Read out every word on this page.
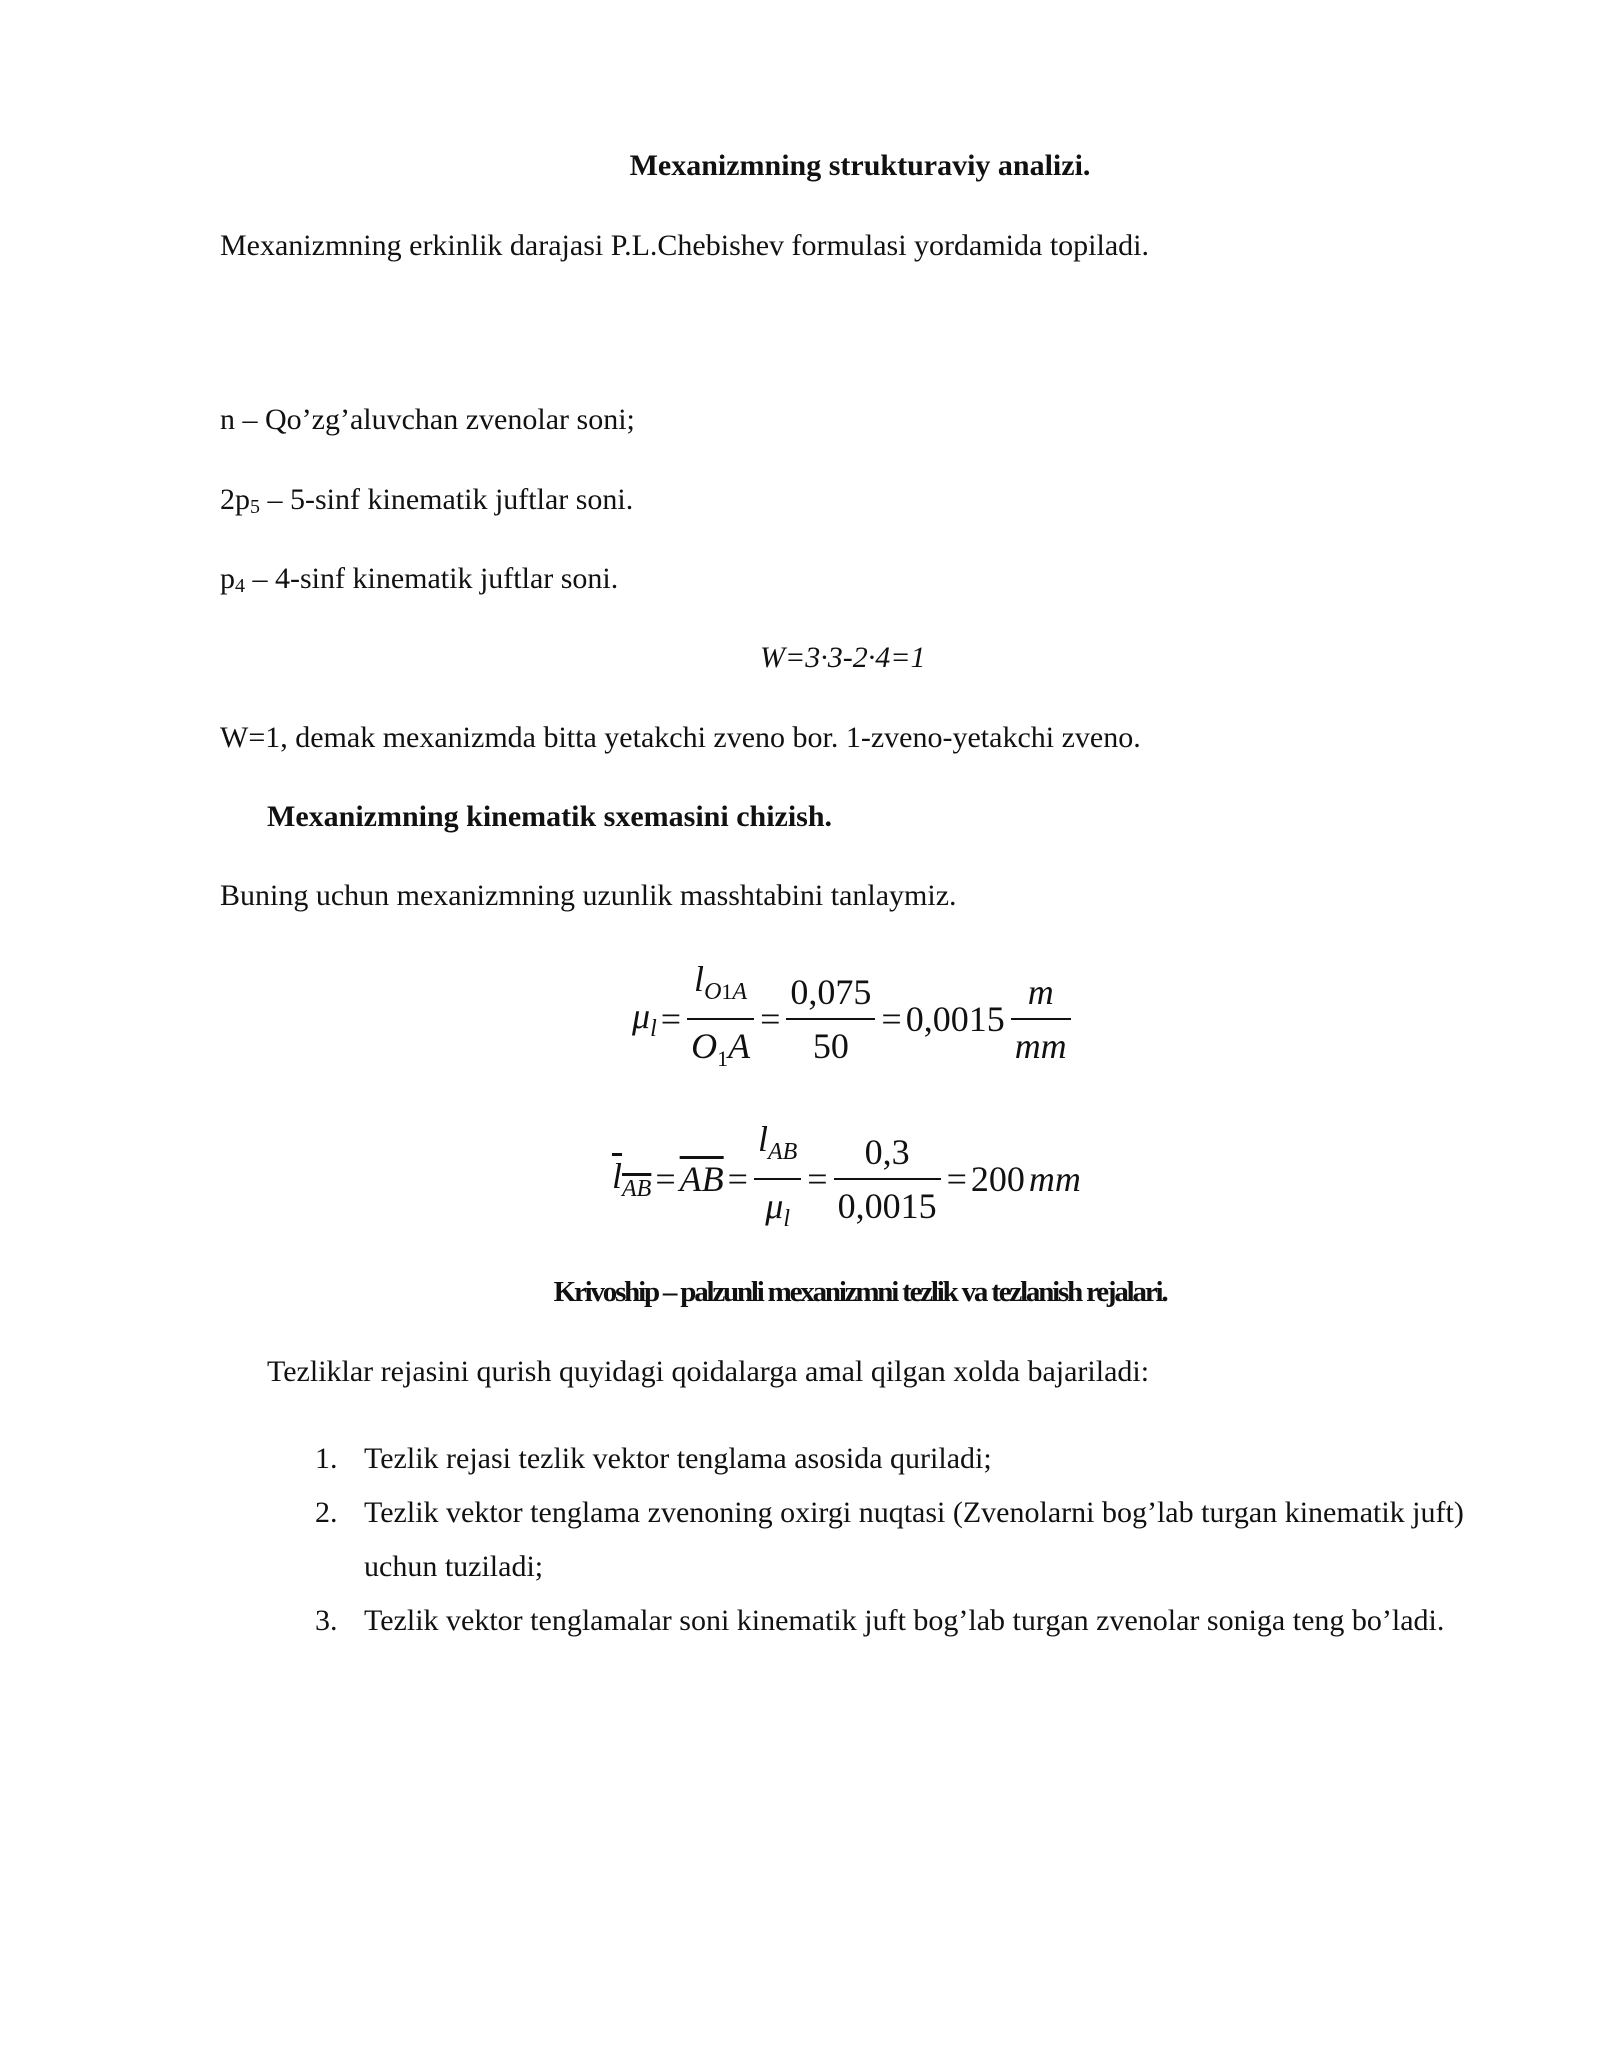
Mexanizmning strukturaviy analizi.
Mexanizmning erkinlik darajasi P.L.Chebishev formulasi yordamida topiladi.
n – Qo’zg’aluvchan zvenolar soni;
$2p_5 - 5-\sin f$ kinematik juftlar soni.
$p_4 - 4-\sin f$ kinematik juftlar soni.
W=3·3-2·4=1
W=1, demak mexanizmda bitta yetakchi zveno bor. 1-zveno-yetakchi zveno.
Mexanizmning kinematik sxemasini chizish.
Buning uchun mexanizmning uzunlik masshtabini tanlaymiz.
$\mu_l = \frac{l_{O1A}}{O_1A} = \frac{0,075}{50} = 0,0015 \frac{m}{mm}$
$l_{AB} = \overline{AB} = \frac{l_{AB}}{\mu_l} = \frac{0,3}{0,0015} = 200$ mm
Krivoship – palzunli mexanizmni tezlik va tezlanish rejalari.
Tezliklar rejasini qurish quyidagi qoidalarga amal qilgan xolda bajariladi:
1. Tezlik rejasi tezlik vektor tenglama asosida quriladi;
2. Tezlik vektor tenglama zvenoning oxirgi nuqtasi (Zvenolarni bog’lab turgan kinematik juft) uchun tuziladi;
3. Tezlik vektor tenglamalar soni kinematik juft bog’lab turgan zvenolar soniga teng bo’ladi.
